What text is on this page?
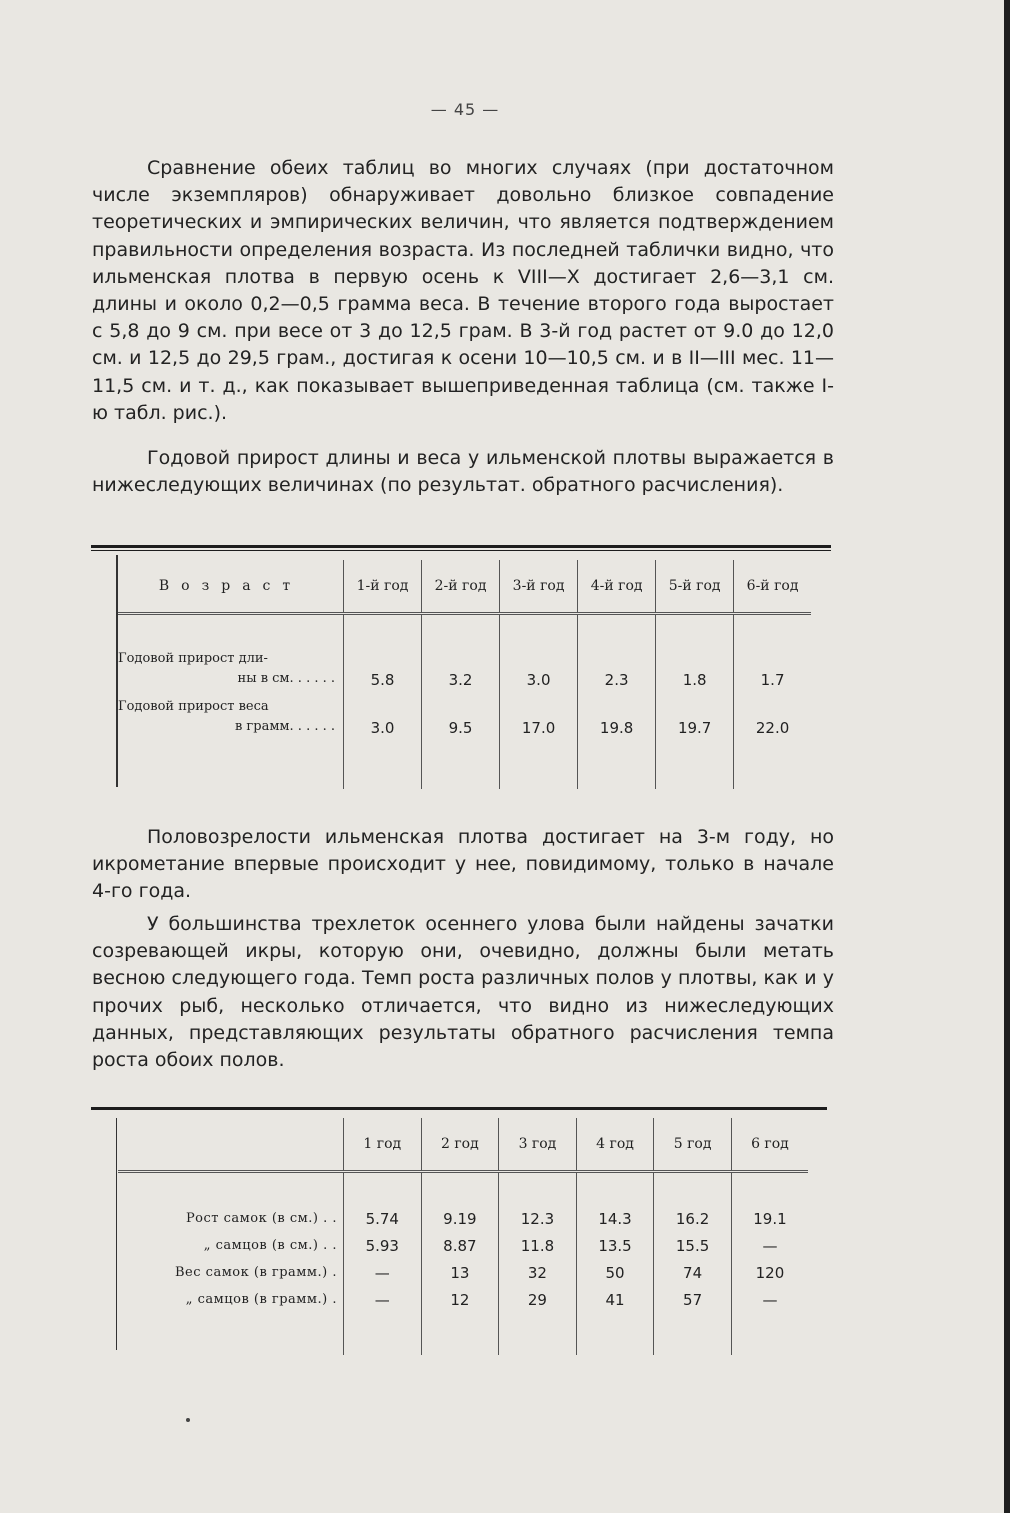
— 45 —

Сравнение обеих таблиц во многих случаях (при достаточном числе экземпляров) обнаруживает довольно близкое совпадение теоретических и эмпирических величин, что является подтверждением правильности определения возраста. Из последней таблички видно, что ильменская плотва в первую осень к VIII—X достигает 2,6—3,1 см. длины и около 0,2—0,5 грамма веса. В течение второго года выростает с 5,8 до 9 см. при весе от 3 до 12,5 грам. В 3-й год растет от 9.0 до 12,0 см. и 12,5 до 29,5 грам., достигая к осени 10—10,5 см. и в II—III мес. 11—11,5 см. и т. д., как показывает вышеприведенная таблица (см. также I-ю табл. рис.).

Годовой прирост длины и веса у ильменской плотвы выражается в нижеследующих величинах (по результат. обратного расчисления).

Возраст	1-й год	2-й год	3-й год	4-й год	5-й год	6-й год

Годовой прирост дли-
ны в см. . . . . .	5.8	3.2	3.0	2.3	1.8	1.7

Годовой прирост веса
в грамм. . . . . .	3.0	9.5	17.0	19.8	19.7	22.0

Половозрелости ильменская плотва достигает на 3-м году, но икрометание впервые происходит у нее, повидимому, только в начале 4-го года.

У большинства трехлеток осеннего улова были найдены зачатки созревающей икры, которую они, очевидно, должны были метать весною следующего года. Темп роста различных полов у плотвы, как и у прочих рыб, несколько отличается, что видно из нижеследующих данных, представляющих результаты обратного расчисления темпа роста обоих полов.

	1 год	2 год	3 год	4 год	5 год	6 год

Рост самок (в см.) . .	5.74	9.19	12.3	14.3	16.2	19.1
„ самцов (в см.) . .	5.93	8.87	11.8	13.5	15.5	—
Вес самок (в грамм.) .	—	13	32	50	74	120
„ самцов (в грамм.) .	—	12	29	41	57	—
